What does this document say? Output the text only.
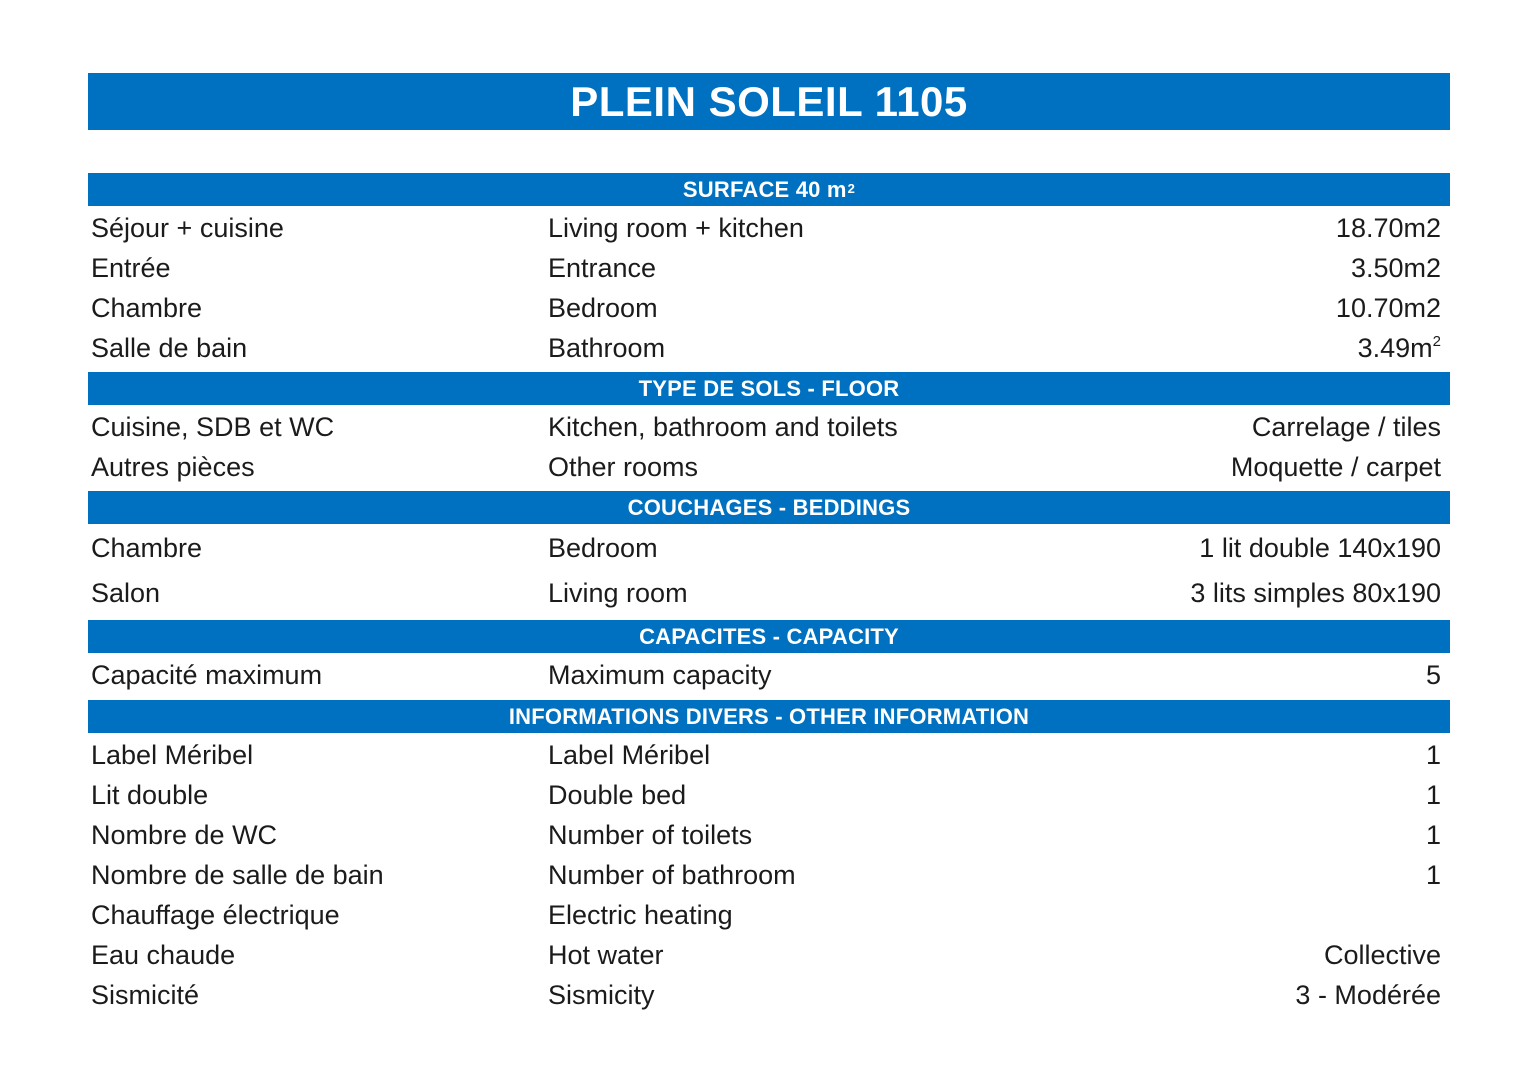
PLEIN SOLEIL 1105
SURFACE 40 $m^2$
Séjour + cuisine	Living room + kitchen	18.70m2
Entrée	Entrance	3.50m2
Chambre	Bedroom	10.70m2
Salle de bain	Bathroom	$3.49m^2$
TYPE DE SOLS - FLOOR
Cuisine, SDB et WC	Kitchen, bathroom and toilets	Carrelage / tiles
Autres pièces	Other rooms	Moquette / carpet
COUCHAGES - BEDDINGS
Chambre	Bedroom	1 lit double 140x190
Salon	Living room	3 lits simples 80x190
CAPACITES - CAPACITY
Capacité maximum	Maximum capacity	5
INFORMATIONS DIVERS - OTHER INFORMATION
Label Méribel	Label Méribel	1
Lit double	Double bed	1
Nombre de WC	Number of toilets	1
Nombre de salle de bain	Number of bathroom	1
Chauffage électrique	Electric heating
Eau chaude	Hot water	Collective
Sismicité	Sismicity	3 - Modérée
